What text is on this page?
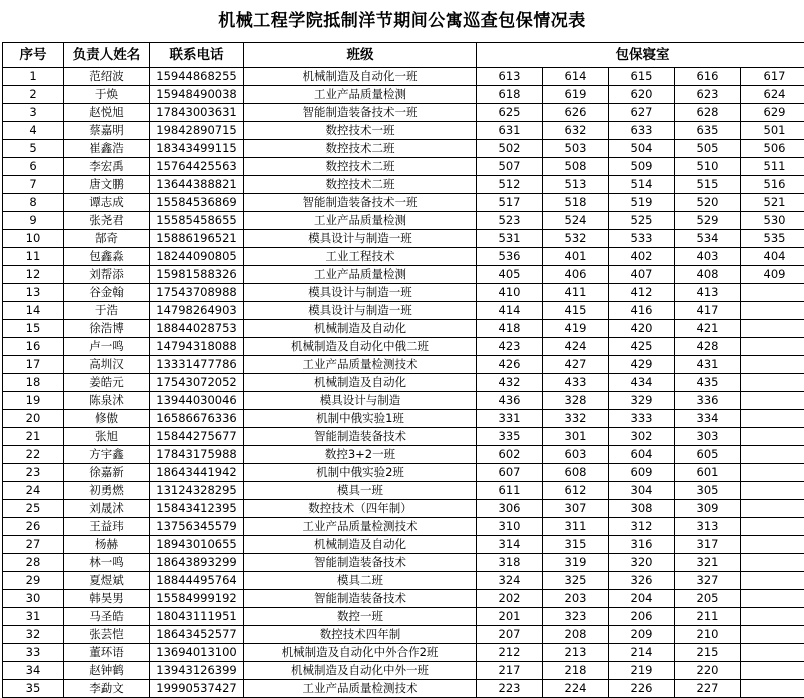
机械工程学院抵制洋节期间公寓巡查包保情况表
序号	负责人姓名	联系电话	班级	包保寝室				
1	范绍波	15944868255	机械制造及自动化一班	613	614	615	616	617
2	于焕	15948490038	工业产品质量检测	618	619	620	623	624
3	赵悦旭	17843003631	智能制造装备技术一班	625	626	627	628	629
4	蔡嘉明	19842890715	数控技术一班	631	632	633	635	501
5	崔鑫浩	18343499115	数控技术二班	502	503	504	505	506
6	李宏禹	15764425563	数控技术二班	507	508	509	510	511
7	唐文鹏	13644388821	数控技术二班	512	513	514	515	516
8	谭志成	15584536869	智能制造装备技术一班	517	518	519	520	521
9	张尧君	15585458655	工业产品质量检测	523	524	525	529	530
10	郜奇	15886196521	模具设计与制造一班	531	532	533	534	535
11	包鑫淼	18244090805	工业工程技术	536	401	402	403	404
12	刘帮添	15981588326	工业产品质量检测	405	406	407	408	409
13	谷金翰	17543708988	模具设计与制造一班	410	411	412	413	
14	于浩	14798264903	模具设计与制造一班	414	415	416	417	
15	徐浩博	18844028753	机械制造及自动化	418	419	420	421	
16	卢一鸣	14794318088	机械制造及自动化中俄二班	423	424	425	428	
17	高圳汉	13331477786	工业产品质量检测技术	426	427	429	431	
18	姜皓元	17543072052	机械制造及自动化	432	433	434	435	
19	陈泉沭	13944030046	模具设计与制造	436	328	329	336	
20	修傲	16586676336	机制中俄实验1班	331	332	333	334	
21	张旭	15844275677	智能制造装备技术	335	301	302	303	
22	方宇鑫	17843175988	数控3+2一班	602	603	604	605	
23	徐嘉新	18643441942	机制中俄实验2班	607	608	609	601	
24	初勇燃	13124328295	模具一班	611	612	304	305	
25	刘晟沭	15843412395	数控技术（四年制）	306	307	308	309	
26	王益玮	13756345579	工业产品质量检测技术	310	311	312	313	
27	杨赫	18943010655	机械制造及自动化	314	315	316	317	
28	林一鸣	18643893299	智能制造装备技术	318	319	320	321	
29	夏煜斌	18844495764	模具二班	324	325	326	327	
30	韩昊男	15584999192	智能制造装备技术	202	203	204	205	
31	马圣皓	18043111951	数控一班	201	323	206	211	
32	张芸恺	18643452577	数控技术四年制	207	208	209	210	
33	董环语	13694013100	机械制造及自动化中外合作2班	212	213	214	215	
34	赵钟鹤	13943126399	机械制造及自动化中外一班	217	218	219	220	
35	李勐文	19990537427	工业产品质量检测技术	223	224	226	227	
